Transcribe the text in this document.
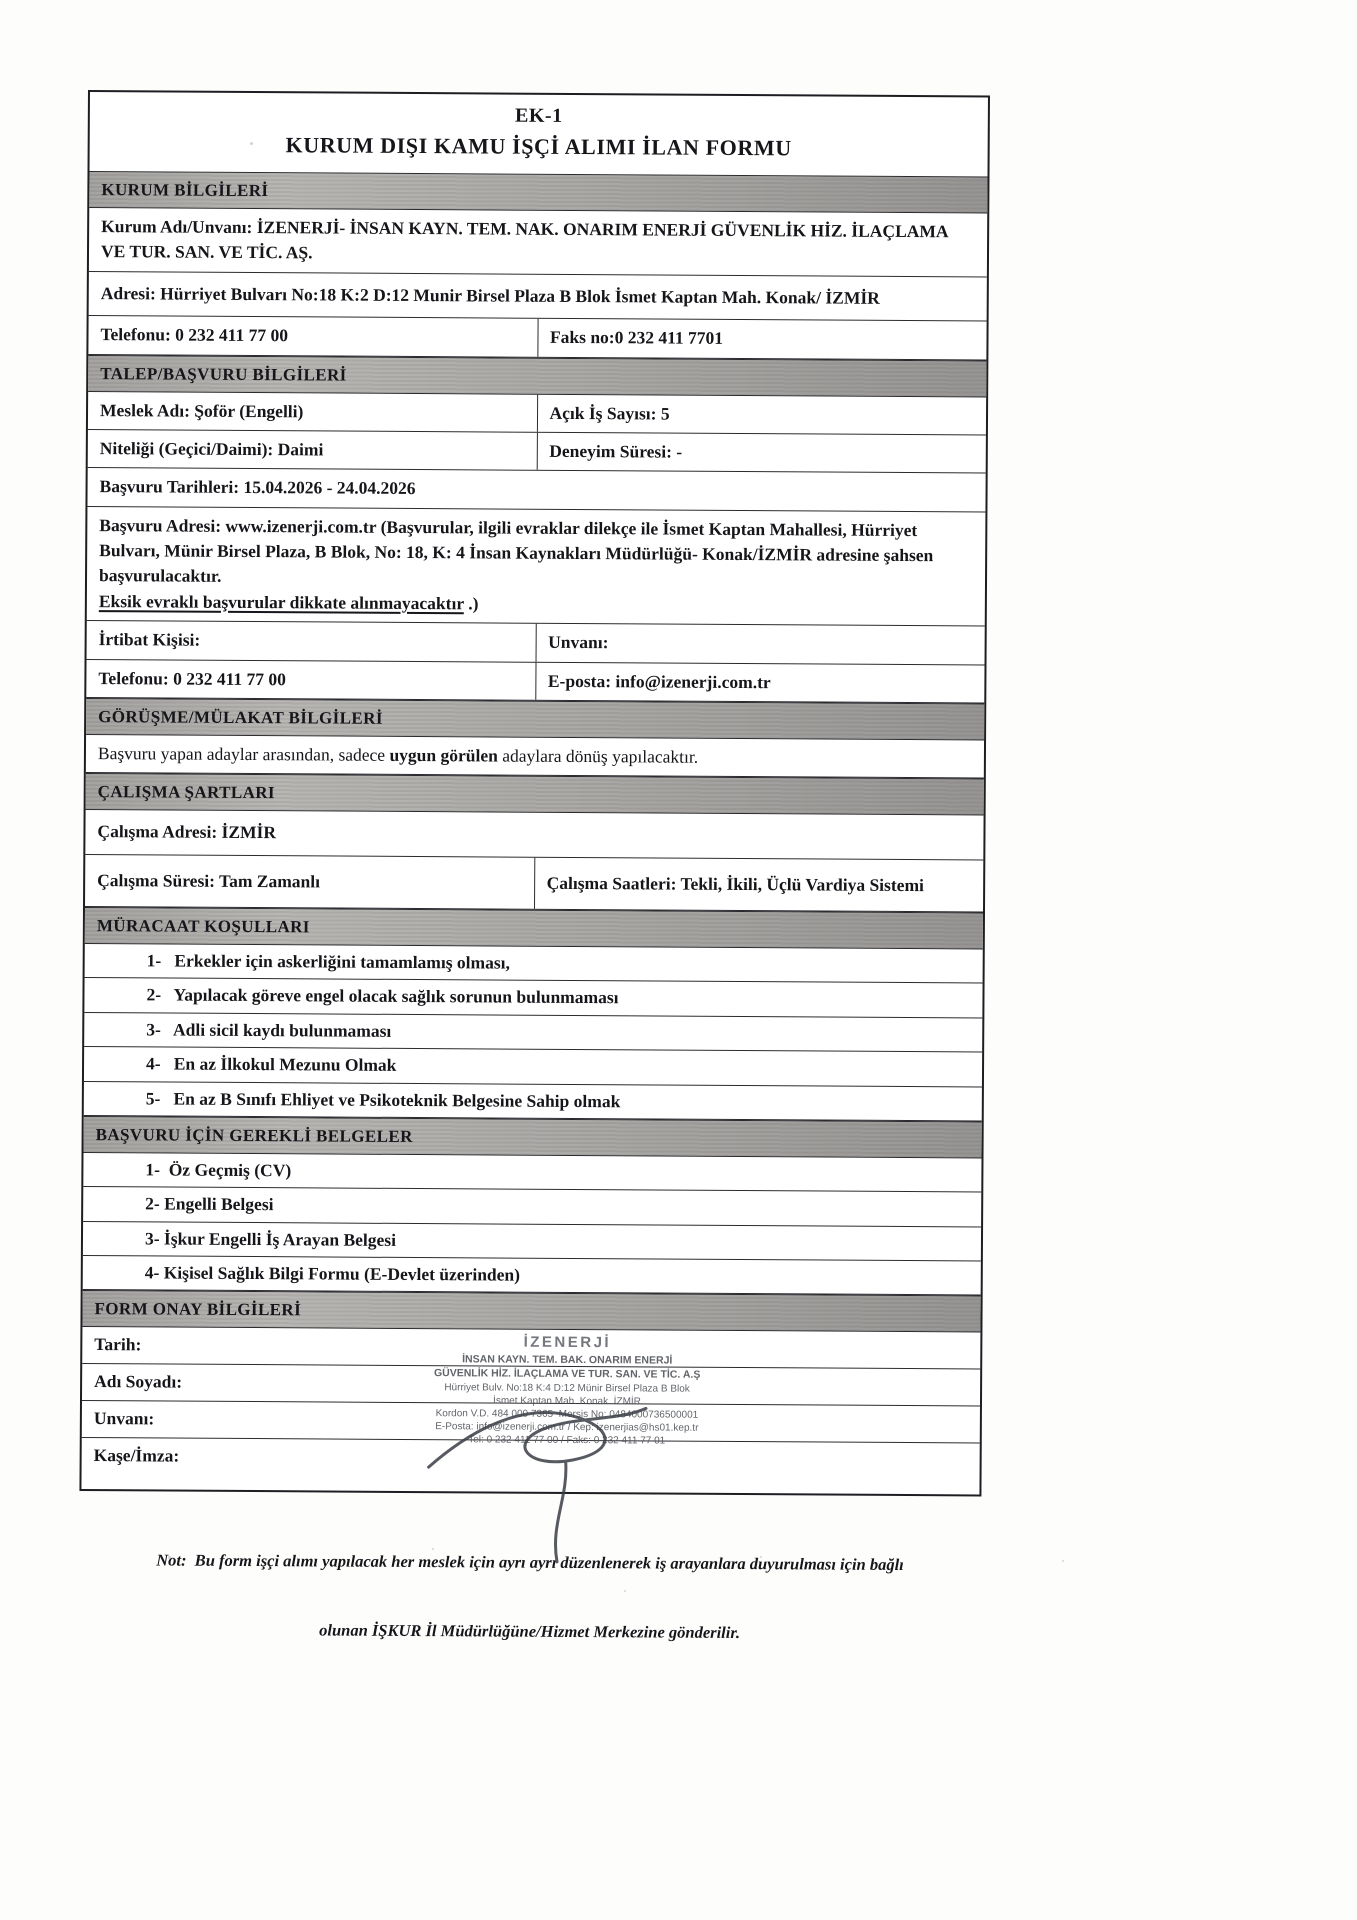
EK-1
KURUM DIŞI KAMU İŞÇİ ALIMI İLAN FORMU
KURUM BİLGİLERİ
Kurum Adı/Unvanı: İZENERJİ- İNSAN KAYN. TEM. NAK. ONARIM ENERJİ GÜVENLİK HİZ. İLAÇLAMA VE TUR. SAN. VE TİC. AŞ.
Adresi: Hürriyet Bulvarı No:18 K:2 D:12 Munir Birsel Plaza B Blok İsmet Kaptan Mah. Konak/ İZMİR
Telefonu: 0 232 411 77 00	Faks no:0 232 411 7701
TALEP/BAŞVURU BİLGİLERİ
Meslek Adı: Şoför (Engelli)	Açık İş Sayısı: 5
Niteliği (Geçici/Daimi): Daimi	Deneyim Süresi: -
Başvuru Tarihleri: 15.04.2026 - 24.04.2026
Başvuru Adresi: www.izenerji.com.tr (Başvurular, ilgili evraklar dilekçe ile İsmet Kaptan Mahallesi, Hürriyet Bulvarı, Münir Birsel Plaza, B Blok, No: 18, K: 4 İnsan Kaynakları Müdürlüğü- Konak/İZMİR adresine şahsen başvurulacaktır.
Eksik evraklı başvurular dikkate alınmayacaktır .)
İrtibat Kişisi:	Unvanı:
Telefonu: 0 232 411 77 00	E-posta: info@izenerji.com.tr
GÖRÜŞME/MÜLAKAT BİLGİLERİ
Başvuru yapan adaylar arasından, sadece uygun görülen adaylara dönüş yapılacaktır.
ÇALIŞMA ŞARTLARI
Çalışma Adresi: İZMİR
Çalışma Süresi: Tam Zamanlı	Çalışma Saatleri: Tekli, İkili, Üçlü Vardiya Sistemi
MÜRACAAT KOŞULLARI
1-   Erkekler için askerliğini tamamlamış olması,
2-   Yapılacak göreve engel olacak sağlık sorunun bulunmaması
3-   Adli sicil kaydı bulunmaması
4-   En az İlkokul Mezunu Olmak
5-   En az B Sınıfı Ehliyet ve Psikoteknik Belgesine Sahip olmak
BAŞVURU İÇİN GEREKLİ BELGELER
1-  Öz Geçmiş (CV)
2- Engelli Belgesi
3- İşkur Engelli İş Arayan Belgesi
4- Kişisel Sağlık Bilgi Formu (E-Devlet üzerinden)
FORM ONAY BİLGİLERİ
Tarih:
Adı Soyadı:
Unvanı:
Kaşe/İmza:
İZENERJİ
İNSAN KAYN. TEM. BAK. ONARIM ENERJİ
GÜVENLİK HİZ. İLAÇLAMA VE TUR. SAN. VE TİC. A.Ş
Hürriyet Bulv. No:18 K:4 D:12 Münir Birsel Plaza B Blok
İsmet Kaptan Mah. Konak  İZMİR
Kordon V.D. 484 000 7365  Mersis No: 0484000736500001
E-Posta: info@izenerji.com.tr / Kep: izenerjias@hs01.kep.tr
Tel: 0 232 411 77 00 / Faks: 0 232 411 77 01

Not:  Bu form işçi alımı yapılacak her meslek için ayrı ayrı düzenlenerek iş arayanlara duyurulması için bağlı

olunan İŞKUR İl Müdürlüğüne/Hizmet Merkezine gönderilir.
